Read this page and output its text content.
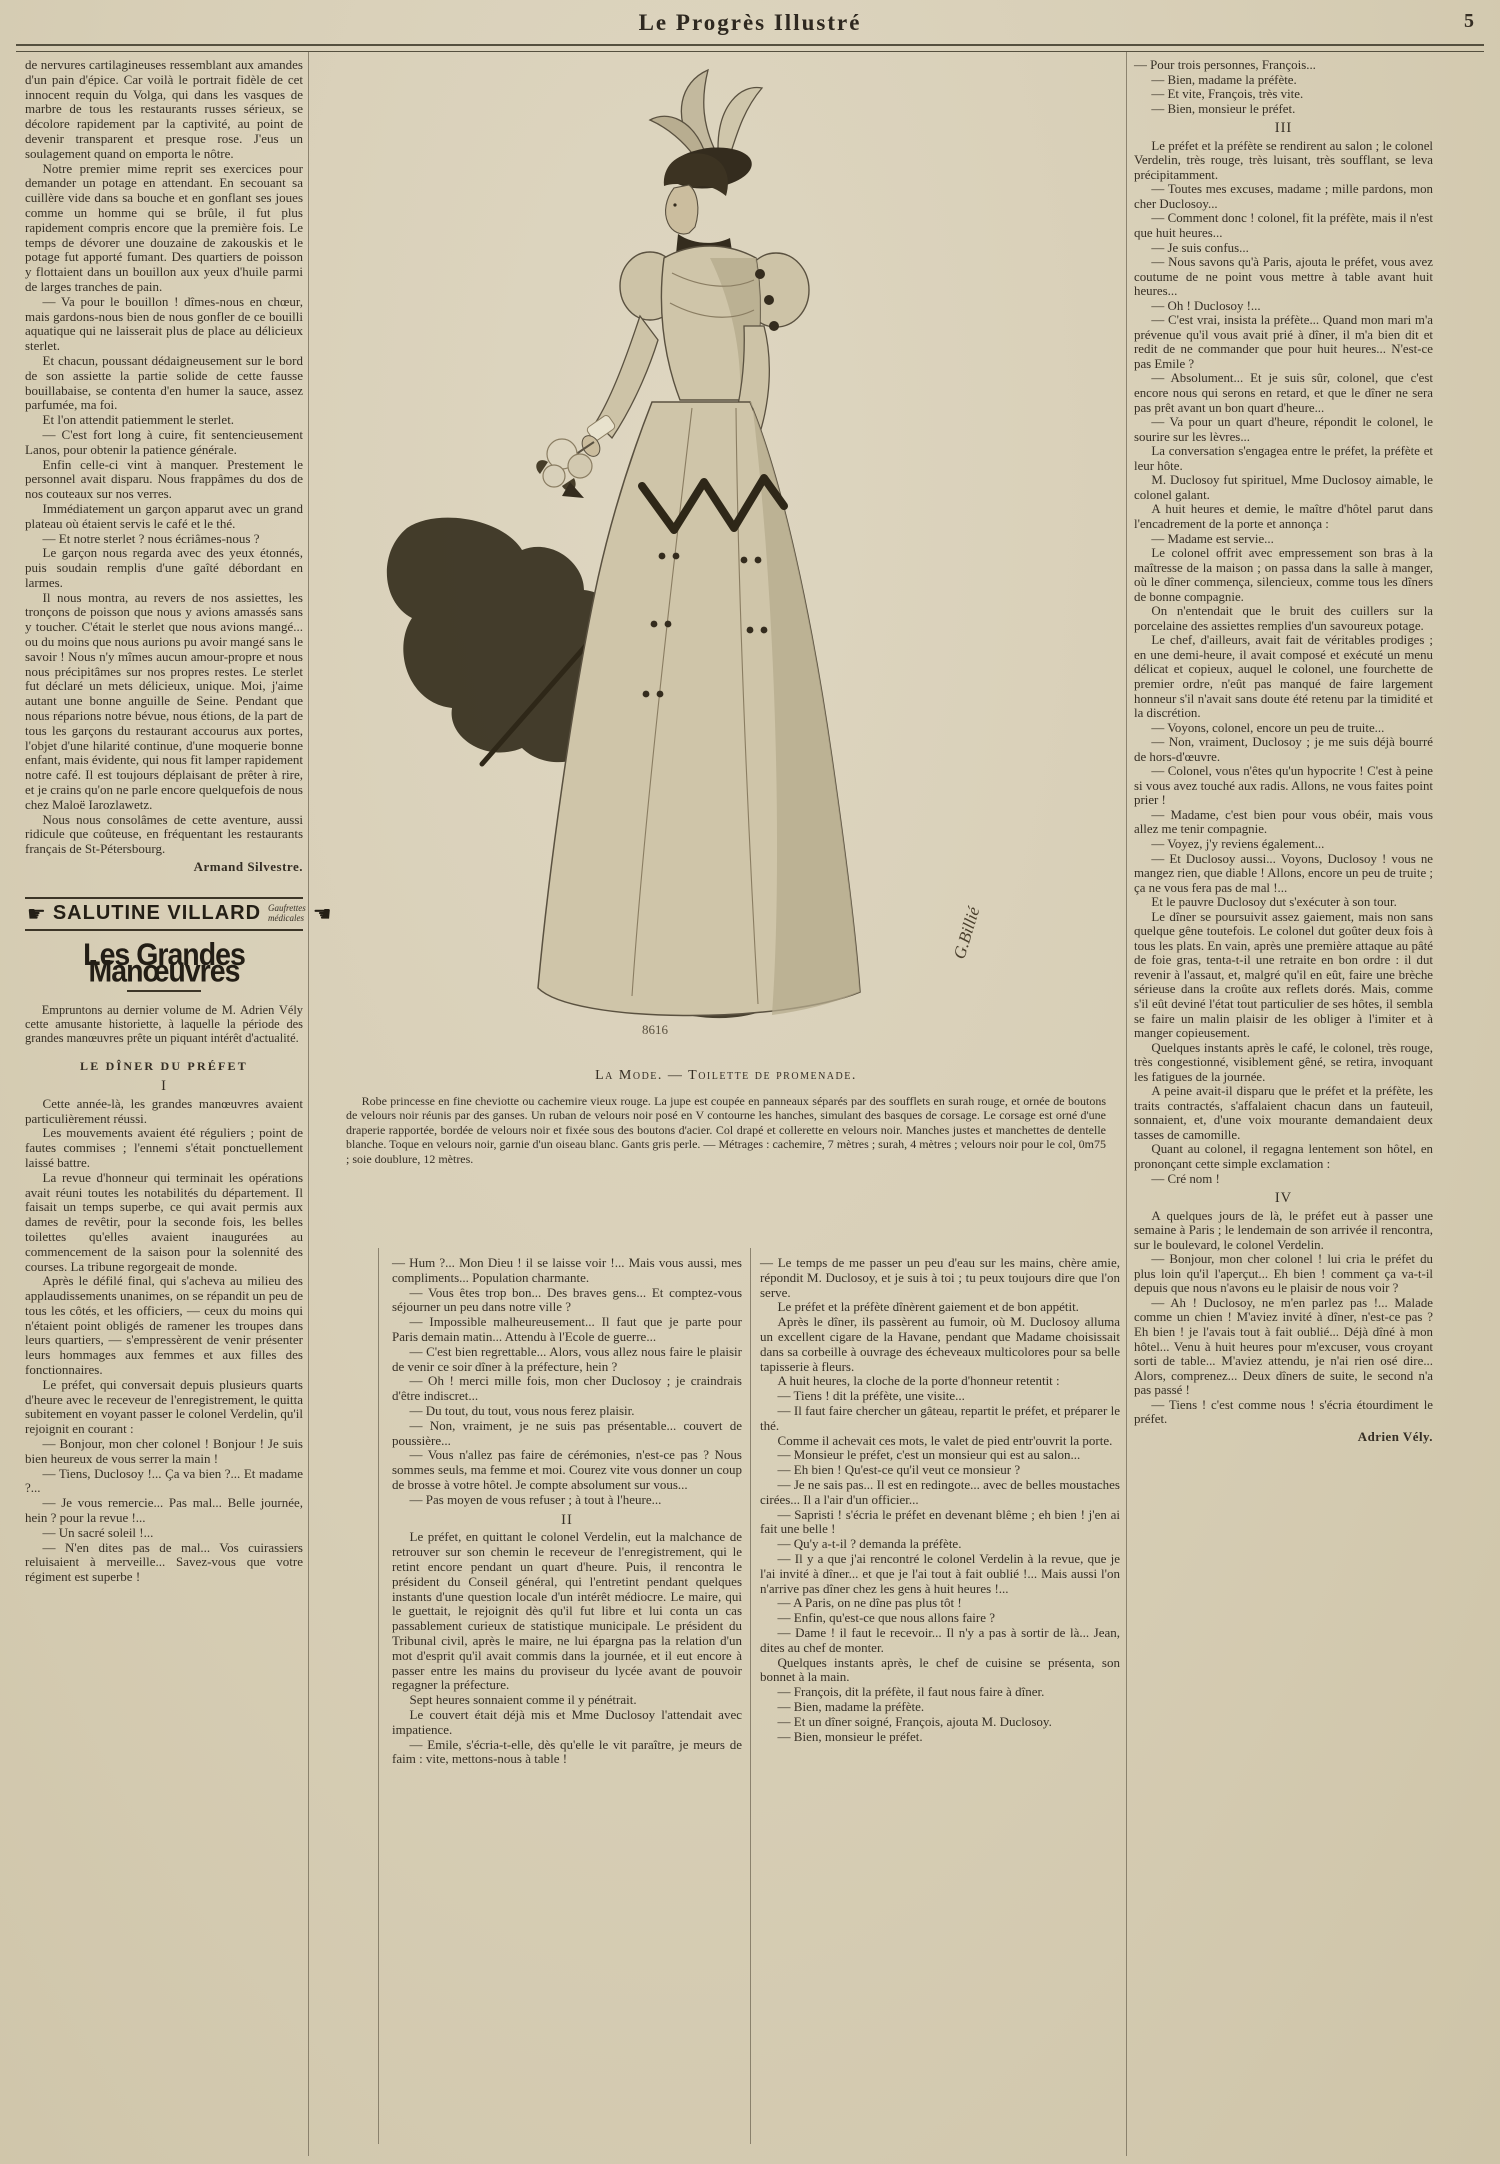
Le Progrès Illustré	5

de nervures cartilagineuses ressemblant aux amandes d'un pain d'épice. Car voilà le portrait fidèle de cet innocent requin du Volga, qui dans les vasques de marbre de tous les restaurants russes sérieux, se décolore rapidement par la captivité, au point de devenir transparent et presque rose. J'eus un soulagement quand on emporta le nôtre.

Notre premier mime reprit ses exercices pour demander un potage en attendant. En secouant sa cuillère vide dans sa bouche et en gonflant ses joues comme un homme qui se brûle, il fut plus rapidement compris encore que la première fois. Le temps de dévorer une douzaine de zakouskis et le potage fut apporté fumant. Des quartiers de poisson y flottaient dans un bouillon aux yeux d'huile parmi de larges tranches de pain.

— Va pour le bouillon ! dîmes-nous en chœur, mais gardons-nous bien de nous gonfler de ce bouilli aquatique qui ne laisserait plus de place au délicieux sterlet.

Et chacun, poussant dédaigneusement sur le bord de son assiette la partie solide de cette fausse bouillabaise, se contenta d'en humer la sauce, assez parfumée, ma foi.

Et l'on attendit patiemment le sterlet.

— C'est fort long à cuire, fit sentencieusement Lanos, pour obtenir la patience générale.

Enfin celle-ci vint à manquer. Prestement le personnel avait disparu. Nous frappâmes du dos de nos couteaux sur nos verres.

Immédiatement un garçon apparut avec un grand plateau où étaient servis le café et le thé.

— Et notre sterlet ? nous écriâmes-nous ?

Le garçon nous regarda avec des yeux étonnés, puis soudain remplis d'une gaîté débordant en larmes.

Il nous montra, au revers de nos assiettes, les tronçons de poisson que nous y avions amassés sans y toucher. C'était le sterlet que nous avions mangé... ou du moins que nous aurions pu avoir mangé sans le savoir ! Nous n'y mîmes aucun amour-propre et nous nous précipitâmes sur nos propres restes. Le sterlet fut déclaré un mets délicieux, unique. Moi, j'aime autant une bonne anguille de Seine. Pendant que nous réparions notre bévue, nous étions, de la part de tous les garçons du restaurant accourus aux portes, l'objet d'une hilarité continue, d'une moquerie bonne enfant, mais évidente, qui nous fit lamper rapidement notre café. Il est toujours déplaisant de prêter à rire, et je crains qu'on ne parle encore quelquefois de nous chez Maloë Iarozlawetz.

Nous nous consolâmes de cette aventure, aussi ridicule que coûteuse, en fréquentant les restaurants français de St-Pétersbourg.

Armand Silvestre.

☛ SALUTINE VILLARD Gaufrettes
médicales ☚
Les Grandes Manœuvres

Empruntons au dernier volume de M. Adrien Vély cette amusante historiette, à laquelle la période des grandes manœuvres prête un piquant intérêt d'actualité.

LE DÎNER DU PRÉFET

I

Cette année-là, les grandes manœuvres avaient particulièrement réussi.

Les mouvements avaient été réguliers ; point de fautes commises ; l'ennemi s'était ponctuellement laissé battre.

La revue d'honneur qui terminait les opérations avait réuni toutes les notabilités du département. Il faisait un temps superbe, ce qui avait permis aux dames de revêtir, pour la seconde fois, les belles toilettes qu'elles avaient inaugurées au commencement de la saison pour la solennité des courses. La tribune regorgeait de monde.

Après le défilé final, qui s'acheva au milieu des applaudissements unanimes, on se répandit un peu de tous les côtés, et les officiers, — ceux du moins qui n'étaient point obligés de ramener les troupes dans leurs quartiers, — s'empressèrent de venir présenter leurs hommages aux femmes et aux filles des fonctionnaires.

Le préfet, qui conversait depuis plusieurs quarts d'heure avec le receveur de l'enregistrement, le quitta subitement en voyant passer le colonel Verdelin, qu'il rejoignit en courant :

— Bonjour, mon cher colonel ! Bonjour ! Je suis bien heureux de vous serrer la main !

— Tiens, Duclosoy !... Ça va bien ?... Et madame ?...

— Je vous remercie... Pas mal... Belle journée, hein ? pour la revue !...

— Un sacré soleil !...

— N'en dites pas de mal... Vos cuirassiers reluisaient à merveille... Savez-vous que votre régiment est superbe !

G.Billié
8616
La Mode. — Toilette de promenade.

Robe princesse en fine cheviotte ou cachemire vieux rouge. La jupe est coupée en panneaux séparés par des soufflets en surah rouge, et ornée de boutons de velours noir réunis par des ganses. Un ruban de velours noir posé en V contourne les hanches, simulant des basques de corsage. Le corsage est orné d'une draperie rapportée, bordée de velours noir et fixée sous des boutons d'acier. Col drapé et collerette en velours noir. Manches justes et manchettes de dentelle blanche. Toque en velours noir, garnie d'un oiseau blanc. Gants gris perle. — Métrages : cachemire, 7 mètres ; surah, 4 mètres ; velours noir pour le col, 0m75 ; soie doublure, 12 mètres.

— Hum ?... Mon Dieu ! il se laisse voir !... Mais vous aussi, mes compliments... Population charmante.

— Vous êtes trop bon... Des braves gens... Et comptez-vous séjourner un peu dans notre ville ?

— Impossible malheureusement... Il faut que je parte pour Paris demain matin... Attendu à l'Ecole de guerre...

— C'est bien regrettable... Alors, vous allez nous faire le plaisir de venir ce soir dîner à la préfecture, hein ?

— Oh ! merci mille fois, mon cher Duclosoy ; je craindrais d'être indiscret...

— Du tout, du tout, vous nous ferez plaisir.

— Non, vraiment, je ne suis pas présentable... couvert de poussière...

— Vous n'allez pas faire de cérémonies, n'est-ce pas ? Nous sommes seuls, ma femme et moi. Courez vite vous donner un coup de brosse à votre hôtel. Je compte absolument sur vous...

— Pas moyen de vous refuser ; à tout à l'heure...

II

Le préfet, en quittant le colonel Verdelin, eut la malchance de retrouver sur son chemin le receveur de l'enregistrement, qui le retint encore pendant un quart d'heure. Puis, il rencontra le président du Conseil général, qui l'entretint pendant quelques instants d'une question locale d'un intérêt médiocre. Le maire, qui le guettait, le rejoignit dès qu'il fut libre et lui conta un cas passablement curieux de statistique municipale. Le président du Tribunal civil, après le maire, ne lui épargna pas la relation d'un mot d'esprit qu'il avait commis dans la journée, et il eut encore à passer entre les mains du proviseur du lycée avant de pouvoir regagner la préfecture.

Sept heures sonnaient comme il y pénétrait.

Le couvert était déjà mis et Mme Duclosoy l'attendait avec impatience.

— Emile, s'écria-t-elle, dès qu'elle le vit paraître, je meurs de faim : vite, mettons-nous à table !

— Le temps de me passer un peu d'eau sur les mains, chère amie, répondit M. Duclosoy, et je suis à toi ; tu peux toujours dire que l'on serve.

Le préfet et la préfète dînèrent gaiement et de bon appétit.

Après le dîner, ils passèrent au fumoir, où M. Duclosoy alluma un excellent cigare de la Havane, pendant que Madame choisissait dans sa corbeille à ouvrage des écheveaux multicolores pour sa belle tapisserie à fleurs.

A huit heures, la cloche de la porte d'honneur retentit :

— Tiens ! dit la préfète, une visite...

— Il faut faire chercher un gâteau, repartit le préfet, et préparer le thé.

Comme il achevait ces mots, le valet de pied entr'ouvrit la porte.

— Monsieur le préfet, c'est un monsieur qui est au salon...

— Eh bien ! Qu'est-ce qu'il veut ce monsieur ?

— Je ne sais pas... Il est en redingote... avec de belles moustaches cirées... Il a l'air d'un officier...

— Sapristi ! s'écria le préfet en devenant blême ; eh bien ! j'en ai fait une belle !

— Qu'y a-t-il ? demanda la préfète.

— Il y a que j'ai rencontré le colonel Verdelin à la revue, que je l'ai invité à dîner... et que je l'ai tout à fait oublié !... Mais aussi l'on n'arrive pas dîner chez les gens à huit heures !...

— A Paris, on ne dîne pas plus tôt !

— Enfin, qu'est-ce que nous allons faire ?

— Dame ! il faut le recevoir... Il n'y a pas à sortir de là... Jean, dites au chef de monter.

Quelques instants après, le chef de cuisine se présenta, son bonnet à la main.

— François, dit la préfète, il faut nous faire à dîner.

— Bien, madame la préfète.

— Et un dîner soigné, François, ajouta M. Duclosoy.

— Bien, monsieur le préfet.

— Pour trois personnes, François...

— Bien, madame la préfète.

— Et vite, François, très vite.

— Bien, monsieur le préfet.

III

Le préfet et la préfète se rendirent au salon ; le colonel Verdelin, très rouge, très luisant, très soufflant, se leva précipitamment.

— Toutes mes excuses, madame ; mille pardons, mon cher Duclosoy...

— Comment donc ! colonel, fit la préfète, mais il n'est que huit heures...

— Je suis confus...

— Nous savons qu'à Paris, ajouta le préfet, vous avez coutume de ne point vous mettre à table avant huit heures...

— Oh ! Duclosoy !...

— C'est vrai, insista la préfète... Quand mon mari m'a prévenue qu'il vous avait prié à dîner, il m'a bien dit et redit de ne commander que pour huit heures... N'est-ce pas Emile ?

— Absolument... Et je suis sûr, colonel, que c'est encore nous qui serons en retard, et que le dîner ne sera pas prêt avant un bon quart d'heure...

— Va pour un quart d'heure, répondit le colonel, le sourire sur les lèvres...

La conversation s'engagea entre le préfet, la préfète et leur hôte.

M. Duclosoy fut spirituel, Mme Duclosoy aimable, le colonel galant.

A huit heures et demie, le maître d'hôtel parut dans l'encadrement de la porte et annonça :

— Madame est servie...

Le colonel offrit avec empressement son bras à la maîtresse de la maison ; on passa dans la salle à manger, où le dîner commença, silencieux, comme tous les dîners de bonne compagnie.

On n'entendait que le bruit des cuillers sur la porcelaine des assiettes remplies d'un savoureux potage.

Le chef, d'ailleurs, avait fait de véritables prodiges ; en une demi-heure, il avait composé et exécuté un menu délicat et copieux, auquel le colonel, une fourchette de premier ordre, n'eût pas manqué de faire largement honneur s'il n'avait sans doute été retenu par la timidité et la discrétion.

— Voyons, colonel, encore un peu de truite...

— Non, vraiment, Duclosoy ; je me suis déjà bourré de hors-d'œuvre.

— Colonel, vous n'êtes qu'un hypocrite ! C'est à peine si vous avez touché aux radis. Allons, ne vous faites point prier !

— Madame, c'est bien pour vous obéir, mais vous allez me tenir compagnie.

— Voyez, j'y reviens également...

— Et Duclosoy aussi... Voyons, Duclosoy ! vous ne mangez rien, que diable ! Allons, encore un peu de truite ; ça ne vous fera pas de mal !...

Et le pauvre Duclosoy dut s'exécuter à son tour.

Le dîner se poursuivit assez gaiement, mais non sans quelque gêne toutefois. Le colonel dut goûter deux fois à tous les plats. En vain, après une première attaque au pâté de foie gras, tenta-t-il une retraite en bon ordre : il dut revenir à l'assaut, et, malgré qu'il en eût, faire une brèche sérieuse dans la croûte aux reflets dorés. Mais, comme s'il eût deviné l'état tout particulier de ses hôtes, il sembla se faire un malin plaisir de les obliger à l'imiter et à manger copieusement.

Quelques instants après le café, le colonel, très rouge, très congestionné, visiblement gêné, se retira, invoquant les fatigues de la journée.

A peine avait-il disparu que le préfet et la préfète, les traits contractés, s'affalaient chacun dans un fauteuil, sonnaient, et, d'une voix mourante demandaient deux tasses de camomille.

Quant au colonel, il regagna lentement son hôtel, en prononçant cette simple exclamation :

— Cré nom !

IV

A quelques jours de là, le préfet eut à passer une semaine à Paris ; le lendemain de son arrivée il rencontra, sur le boulevard, le colonel Verdelin.

— Bonjour, mon cher colonel ! lui cria le préfet du plus loin qu'il l'aperçut... Eh bien ! comment ça va-t-il depuis que nous n'avons eu le plaisir de nous voir ?

— Ah ! Duclosoy, ne m'en parlez pas !... Malade comme un chien ! M'aviez invité à dîner, n'est-ce pas ? Eh bien ! je l'avais tout à fait oublié... Déjà dîné à mon hôtel... Venu à huit heures pour m'excuser, vous croyant sorti de table... M'aviez attendu, je n'ai rien osé dire... Alors, comprenez... Deux dîners de suite, le second n'a pas passé !

— Tiens ! c'est comme nous ! s'écria étourdiment le préfet.

Adrien Vély.
